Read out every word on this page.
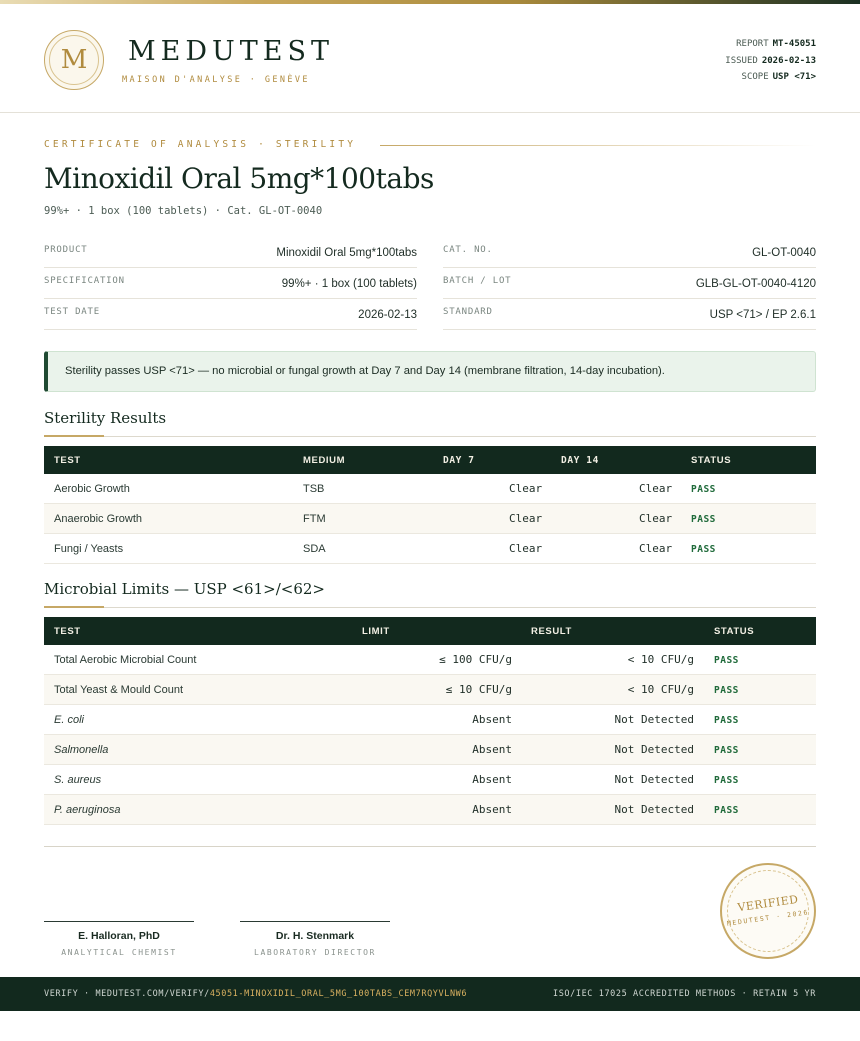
M	MEDUTEST
MAISON D'ANALYSE · GENÈVE
REPORT MT-45051
ISSUED 2026-02-13
SCOPE USP <71>
CERTIFICATE OF ANALYSIS · STERILITY
Minoxidil Oral 5mg*100tabs
99%+ · 1 box (100 tablets) · Cat. GL-OT-0040
PRODUCT	Minoxidil Oral 5mg*100tabs
SPECIFICATION	99%+ · 1 box (100 tablets)
TEST DATE	2026-02-13
CAT. NO.	GL-OT-0040
BATCH / LOT	GLB-GL-OT-0040-4120
STANDARD	USP <71> / EP 2.6.1
Sterility passes USP <71> — no microbial or fungal growth at Day 7 and Day 14 (membrane filtration, 14-day incubation).
Sterility Results
TEST	MEDIUM	DAY 7	DAY 14	STATUS
Aerobic Growth	TSB	Clear	Clear PASS
Anaerobic Growth	FTM	Clear	Clear PASS
Fungi / Yeasts	SDA	Clear	Clear PASS
Microbial Limits — USP <61>/<62>
TEST	LIMIT	RESULT	STATUS
Total Aerobic Microbial Count	≤ 100 CFU/g	< 10 CFU/g PASS
Total Yeast & Mould Count	≤ 10 CFU/g	< 10 CFU/g PASS
E. coli	Absent	Not Detected PASS
Salmonella	Absent	Not Detected PASS
S. aureus	Absent	Not Detected PASS
P. aeruginosa	Absent	Not Detected PASS
E. Halloran, PhD
ANALYTICAL CHEMIST
Dr. H. Stenmark
LABORATORY DIRECTOR
VERIFIED
MEDUTEST · 2026
VERIFY · MEDUTEST.COM/VERIFY/45051-MINOXIDIL_ORAL_5MG_100TABS_CEM7RQYVLNW6	ISO/IEC 17025 ACCREDITED METHODS · RETAIN 5 YR
